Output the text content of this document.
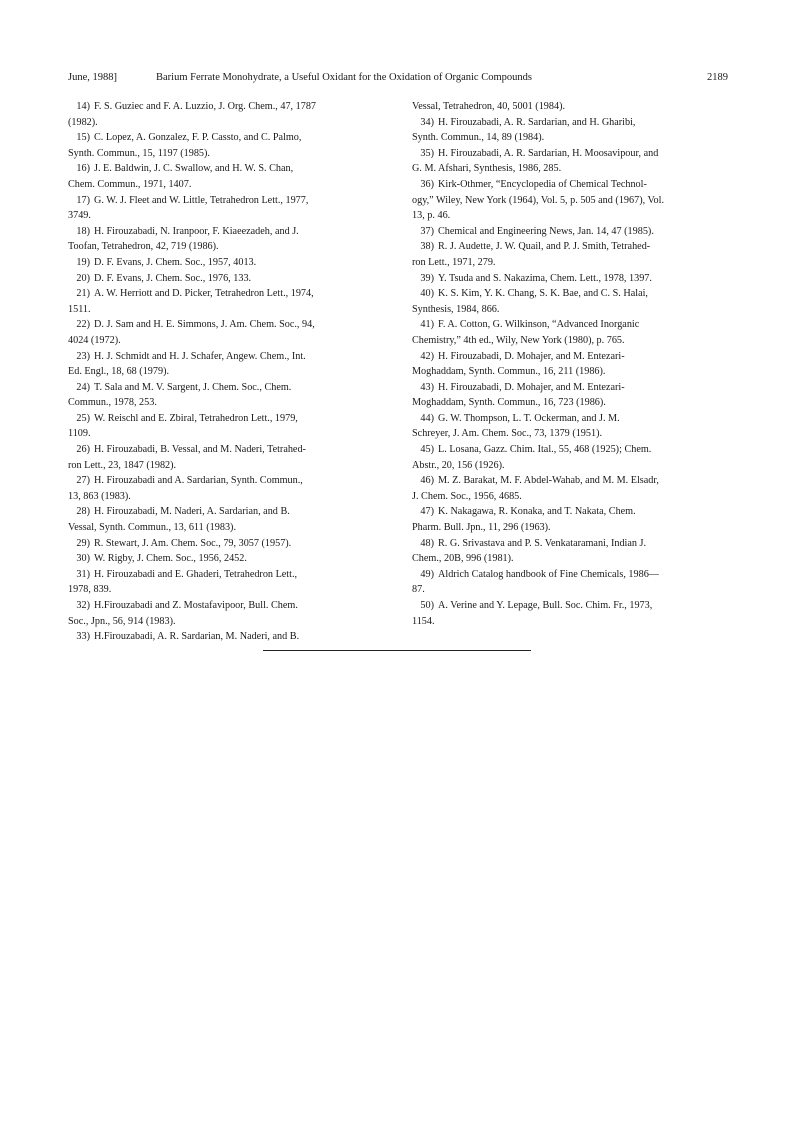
June, 1988]	Barium Ferrate Monohydrate, a Useful Oxidant for the Oxidation of Organic Compounds	2189

14) F. S. Guziec and F. A. Luzzio, J. Org. Chem., 47, 1787
(1982).

15) C. Lopez, A. Gonzalez, F. P. Cassto, and C. Palmo,
Synth. Commun., 15, 1197 (1985).

16) J. E. Baldwin, J. C. Swallow, and H. W. S. Chan,
Chem. Commun., 1971, 1407.

17) G. W. J. Fleet and W. Little, Tetrahedron Lett., 1977,
3749.

18) H. Firouzabadi, N. Iranpoor, F. Kiaeezadeh, and J.
Toofan, Tetrahedron, 42, 719 (1986).

19) D. F. Evans, J. Chem. Soc., 1957, 4013.

20) D. F. Evans, J. Chem. Soc., 1976, 133.

21) A. W. Herriott and D. Picker, Tetrahedron Lett., 1974,
1511.

22) D. J. Sam and H. E. Simmons, J. Am. Chem. Soc., 94,
4024 (1972).

23) H. J. Schmidt and H. J. Schafer, Angew. Chem., Int.
Ed. Engl., 18, 68 (1979).

24) T. Sala and M. V. Sargent, J. Chem. Soc., Chem.
Commun., 1978, 253.

25) W. Reischl and E. Zbiral, Tetrahedron Lett., 1979,
1109.

26) H. Firouzabadi, B. Vessal, and M. Naderi, Tetrahed-
ron Lett., 23, 1847 (1982).

27) H. Firouzabadi and A. Sardarian, Synth. Commun.,
13, 863 (1983).

28) H. Firouzabadi, M. Naderi, A. Sardarian, and B.
Vessal, Synth. Commun., 13, 611 (1983).

29) R. Stewart, J. Am. Chem. Soc., 79, 3057 (1957).

30) W. Rigby, J. Chem. Soc., 1956, 2452.

31) H. Firouzabadi and E. Ghaderi, Tetrahedron Lett.,
1978, 839.

32) H.Firouzabadi and Z. Mostafavipoor, Bull. Chem.
Soc., Jpn., 56, 914 (1983).

33) H.Firouzabadi, A. R. Sardarian, M. Naderi, and B.

Vessal, Tetrahedron, 40, 5001 (1984).

34) H. Firouzabadi, A. R. Sardarian, and H. Gharibi,
Synth. Commun., 14, 89 (1984).

35) H. Firouzabadi, A. R. Sardarian, H. Moosavipour, and
G. M. Afshari, Synthesis, 1986, 285.

36) Kirk-Othmer, “Encyclopedia of Chemical Technol-
ogy,” Wiley, New York (1964), Vol. 5, p. 505 and (1967), Vol.
13, p. 46.

37) Chemical and Engineering News, Jan. 14, 47 (1985).

38) R. J. Audette, J. W. Quail, and P. J. Smith, Tetrahed-
ron Lett., 1971, 279.

39) Y. Tsuda and S. Nakazima, Chem. Lett., 1978, 1397.

40) K. S. Kim, Y. K. Chang, S. K. Bae, and C. S. Halai,
Synthesis, 1984, 866.

41) F. A. Cotton, G. Wilkinson, “Advanced Inorganic
Chemistry,” 4th ed., Wily, New York (1980), p. 765.

42) H. Firouzabadi, D. Mohajer, and M. Entezari-
Moghaddam, Synth. Commun., 16, 211 (1986).

43) H. Firouzabadi, D. Mohajer, and M. Entezari-
Moghaddam, Synth. Commun., 16, 723 (1986).

44) G. W. Thompson, L. T. Ockerman, and J. M.
Schreyer, J. Am. Chem. Soc., 73, 1379 (1951).

45) L. Losana, Gazz. Chim. Ital., 55, 468 (1925); Chem.
Abstr., 20, 156 (1926).

46) M. Z. Barakat, M. F. Abdel-Wahab, and M. M. Elsadr,
J. Chem. Soc., 1956, 4685.

47) K. Nakagawa, R. Konaka, and T. Nakata, Chem.
Pharm. Bull. Jpn., 11, 296 (1963).

48) R. G. Srivastava and P. S. Venkataramani, Indian J.
Chem., 20B, 996 (1981).

49) Aldrich Catalog handbook of Fine Chemicals, 1986—
87.

50) A. Verine and Y. Lepage, Bull. Soc. Chim. Fr., 1973,
1154.
